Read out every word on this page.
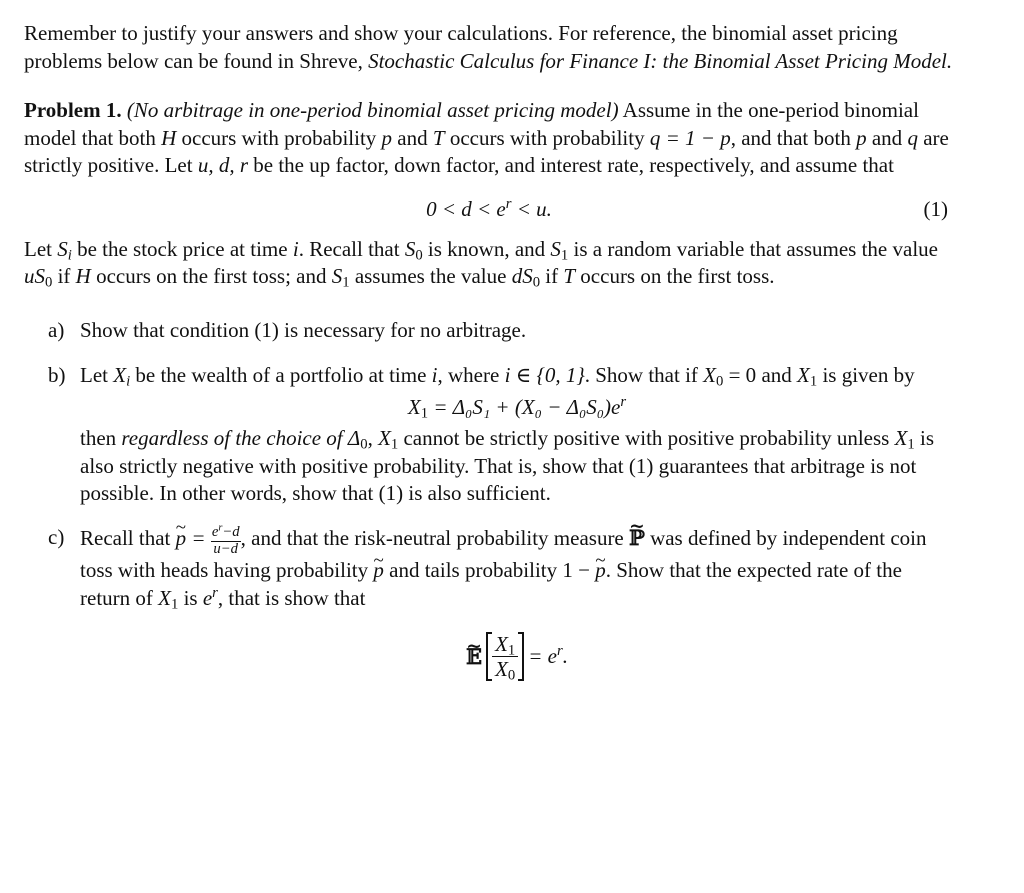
Remember to justify your answers and show your calculations. For reference, the binomial asset pricing problems below can be found in Shreve, Stochastic Calculus for Finance I: the Binomial Asset Pricing Model.

Problem 1. (No arbitrage in one-period binomial asset pricing model) Assume in the one-period binomial model that both H occurs with probability p and T occurs with probability q = 1 − p, and that both p and q are strictly positive. Let u, d, r be the up factor, down factor, and interest rate, respectively, and assume that

$0 < d < e^r < u$.	(1)

Let $S_i$ be the stock price at time i. Recall that $S_0$ is known, and $S_1$ is a random variable that assumes the value $uS_0$ if H occurs on the first toss; and $S_1$ assumes the value $dS_0$ if T occurs on the first toss.

a) Show that condition (1) is necessary for no arbitrage.

b) Let $X_i$ be the wealth of a portfolio at time i, where i ∈ {0, 1}. Show that if $X_0 = 0$ and $X_1$ is given by

$X_1 = \Delta_0S_1 + (X_0 - \Delta_0S_0)e^r$

then regardless of the choice of $\Delta_0$, $X_1$ cannot be strictly positive with positive probability unless $X_1$ is also strictly negative with positive probability. That is, show that (1) guarantees that arbitrage is not possible. In other words, show that (1) is also sufficient.

c) Recall that ~ $p = \frac{e^r-d}{u-d}$ , and that the risk-neutral probability measure ~ ℙ was defined by independent coin toss with heads having probability ~ p and tails probability 1 − ~ p. Show that the expected rate of the return of $X_1$ is $e^r$, that is show that

~ 𝔼 $\frac{X_1}{X_0} = e^r$.
